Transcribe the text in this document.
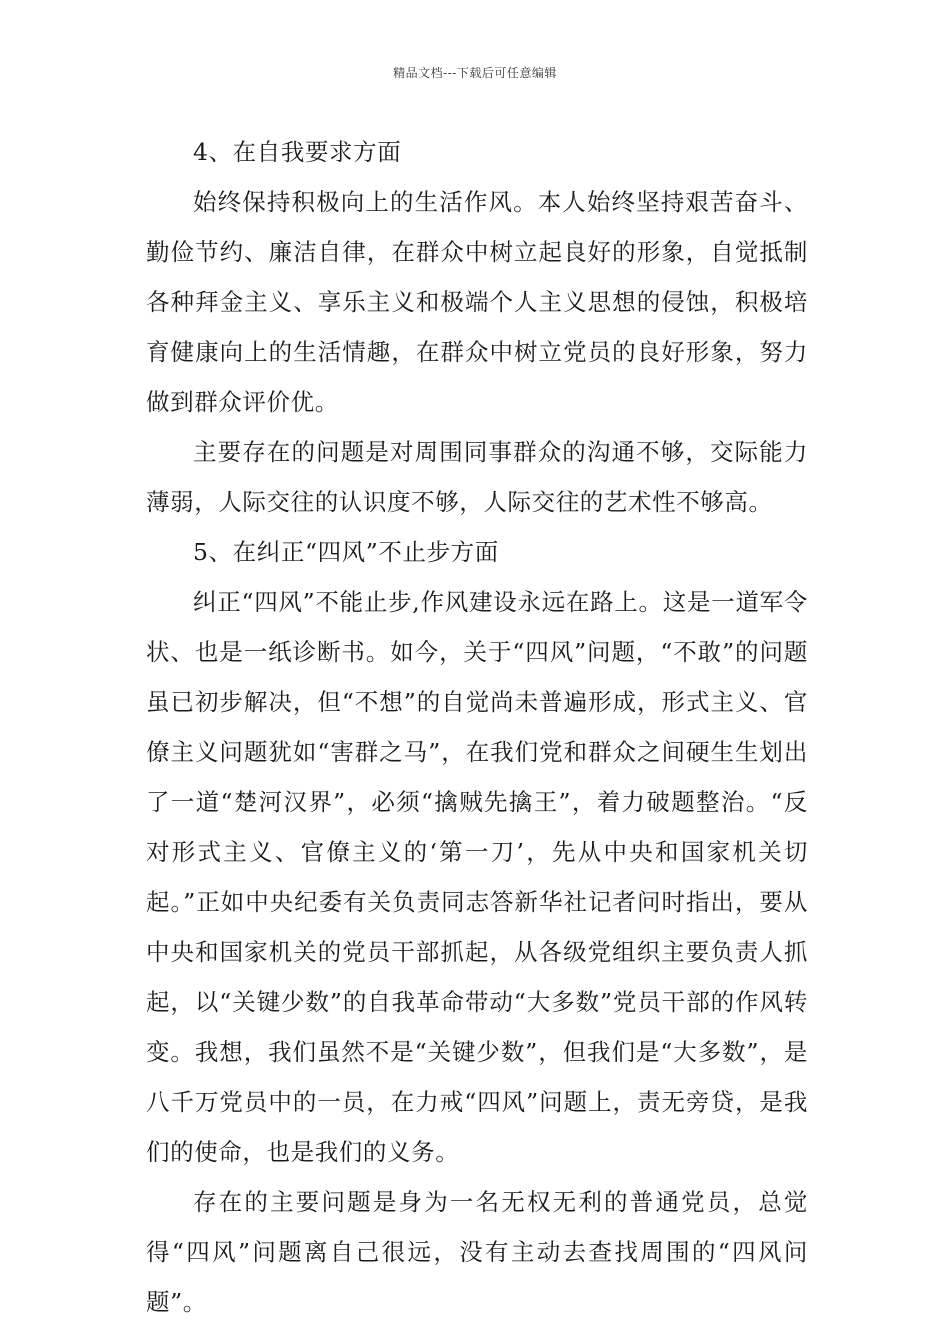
精品文档---下载后可任意编辑

4、在自我要求方面

始终保持积极向上的生活作风。本人始终坚持艰苦奋斗、勤俭节约、廉洁自律，在群众中树立起良好的形象，自觉抵制各种拜金主义、享乐主义和极端个人主义思想的侵蚀，积极培育健康向上的生活情趣，在群众中树立党员的良好形象，努力做到群众评价优。

主要存在的问题是对周围同事群众的沟通不够，交际能力薄弱，人际交往的认识度不够，人际交往的艺术性不够高。

5、在纠正“四风”不止步方面

纠正“四风”不能止步,作风建设永远在路上。这是一道军令状、也是一纸诊断书。如今，关于“四风”问题，“不敢”的问题虽已初步解决，但“不想”的自觉尚未普遍形成，形式主义、官僚主义问题犹如“害群之马”，在我们党和群众之间硬生生划出了一道“楚河汉界”，必须“擒贼先擒王”，着力破题整治。“反对形式主义、官僚主义的‘第一刀’，先从中央和国家机关切起。”正如中央纪委有关负责同志答新华社记者问时指出，要从中央和国家机关的党员干部抓起，从各级党组织主要负责人抓起，以“关键少数”的自我革命带动“大多数”党员干部的作风转变。我想，我们虽然不是“关键少数”，但我们是“大多数”，是八千万党员中的一员，在力戒“四风”问题上，责无旁贷，是我们的使命，也是我们的义务。

存在的主要问题是身为一名无权无利的普通党员，总觉得“四风”问题离自己很远，没有主动去查找周围的“四风问题”。
